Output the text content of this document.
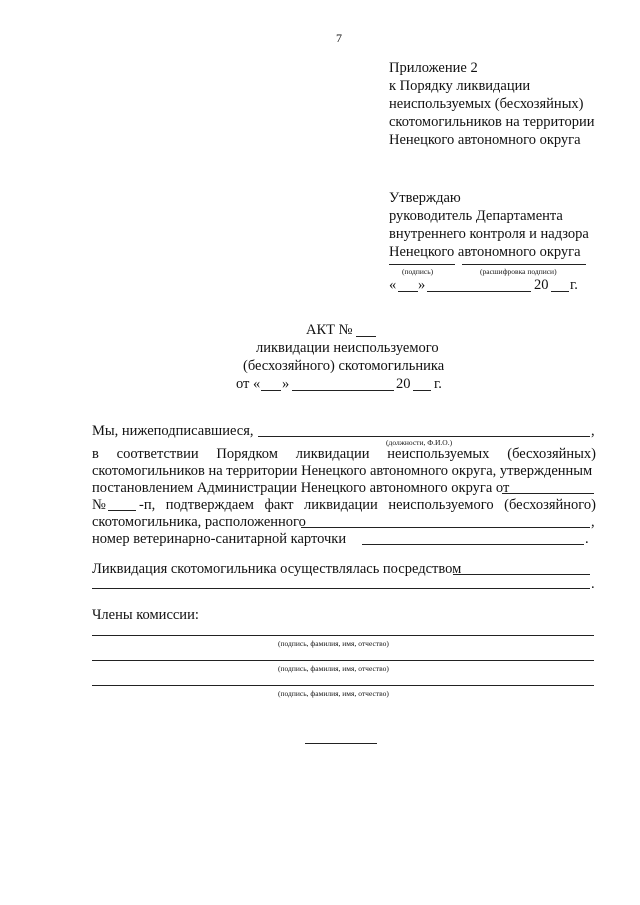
7
Приложение 2
к Порядку ликвидации
неиспользуемых (бесхозяйных)
скотомогильников на территории
Ненецкого автономного округа
Утверждаю
руководитель Департамента
внутреннего контроля и надзора
Ненецкого автономного округа
(подпись)	(расшифровка подписи)
« »	20 г.
АКТ №
ликвидации неиспользуемого
(бесхозяйного) скотомогильника
от « »	20 г.
Мы, нижеподписавшиеся,	,
(должности, Ф.И.О.)
в соответствии Порядком ликвидации неиспользуемых (бесхозяйных)
скотомогильников на территории Ненецкого автономного округа, утвержденным
постановлением Администрации Ненецкого автономного округа от
№ -п, подтверждаем факт ликвидации неиспользуемого (бесхозяйного)
скотомогильника, расположенного	,
номер ветеринарно-санитарной карточки	.
Ликвидация скотомогильника осуществлялась посредством
.
Члены комиссии:
(подпись, фамилия, имя, отчество)
(подпись, фамилия, имя, отчество)
(подпись, фамилия, имя, отчество)
